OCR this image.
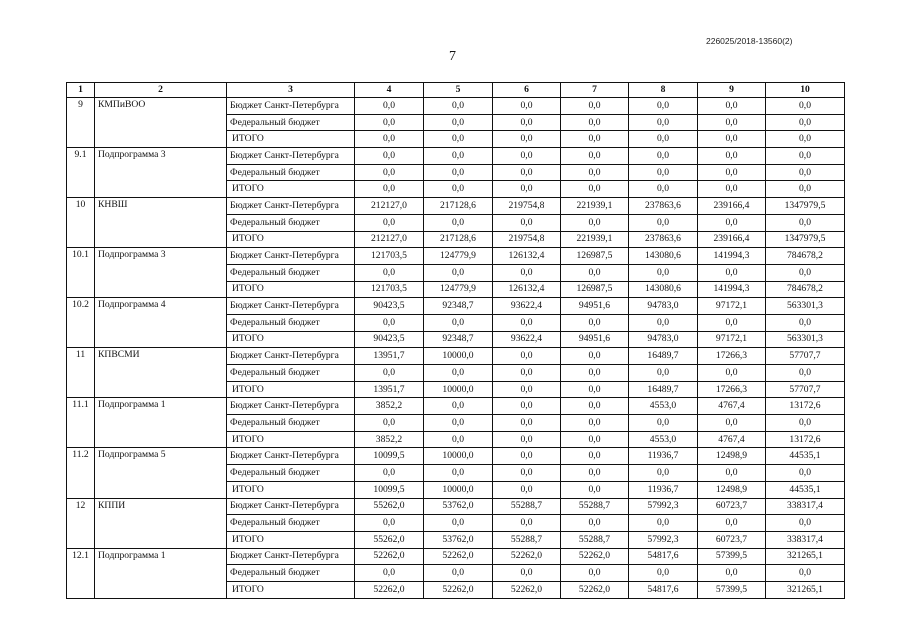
226025/2018-13560(2)
7
1	2	3	4	5	6	7	8	9	10
9	КМПиВОО	Бюджет Санкт-Петербурга	0,0	0,0	0,0	0,0	0,0	0,0	0,0
		Федеральный бюджет	0,0	0,0	0,0	0,0	0,0	0,0	0,0
		ИТОГО	0,0	0,0	0,0	0,0	0,0	0,0	0,0
9.1	Подпрограмма 3	Бюджет Санкт-Петербурга	0,0	0,0	0,0	0,0	0,0	0,0	0,0
		Федеральный бюджет	0,0	0,0	0,0	0,0	0,0	0,0	0,0
		ИТОГО	0,0	0,0	0,0	0,0	0,0	0,0	0,0
10	КНВШ	Бюджет Санкт-Петербурга	212127,0	217128,6	219754,8	221939,1	237863,6	239166,4	1347979,5
		Федеральный бюджет	0,0	0,0	0,0	0,0	0,0	0,0	0,0
		ИТОГО	212127,0	217128,6	219754,8	221939,1	237863,6	239166,4	1347979,5
10.1	Подпрограмма 3	Бюджет Санкт-Петербурга	121703,5	124779,9	126132,4	126987,5	143080,6	141994,3	784678,2
		Федеральный бюджет	0,0	0,0	0,0	0,0	0,0	0,0	0,0
		ИТОГО	121703,5	124779,9	126132,4	126987,5	143080,6	141994,3	784678,2
10.2	Подпрограмма 4	Бюджет Санкт-Петербурга	90423,5	92348,7	93622,4	94951,6	94783,0	97172,1	563301,3
		Федеральный бюджет	0,0	0,0	0,0	0,0	0,0	0,0	0,0
		ИТОГО	90423,5	92348,7	93622,4	94951,6	94783,0	97172,1	563301,3
11	КПВСМИ	Бюджет Санкт-Петербурга	13951,7	10000,0	0,0	0,0	16489,7	17266,3	57707,7
		Федеральный бюджет	0,0	0,0	0,0	0,0	0,0	0,0	0,0
		ИТОГО	13951,7	10000,0	0,0	0,0	16489,7	17266,3	57707,7
11.1	Подпрограмма 1	Бюджет Санкт-Петербурга	3852,2	0,0	0,0	0,0	4553,0	4767,4	13172,6
		Федеральный бюджет	0,0	0,0	0,0	0,0	0,0	0,0	0,0
		ИТОГО	3852,2	0,0	0,0	0,0	4553,0	4767,4	13172,6
11.2	Подпрограмма 5	Бюджет Санкт-Петербурга	10099,5	10000,0	0,0	0,0	11936,7	12498,9	44535,1
		Федеральный бюджет	0,0	0,0	0,0	0,0	0,0	0,0	0,0
		ИТОГО	10099,5	10000,0	0,0	0,0	11936,7	12498,9	44535,1
12	КППИ	Бюджет Санкт-Петербурга	55262,0	53762,0	55288,7	55288,7	57992,3	60723,7	338317,4
		Федеральный бюджет	0,0	0,0	0,0	0,0	0,0	0,0	0,0
		ИТОГО	55262,0	53762,0	55288,7	55288,7	57992,3	60723,7	338317,4
12.1	Подпрограмма 1	Бюджет Санкт-Петербурга	52262,0	52262,0	52262,0	52262,0	54817,6	57399,5	321265,1
		Федеральный бюджет	0,0	0,0	0,0	0,0	0,0	0,0	0,0
		ИТОГО	52262,0	52262,0	52262,0	52262,0	54817,6	57399,5	321265,1
